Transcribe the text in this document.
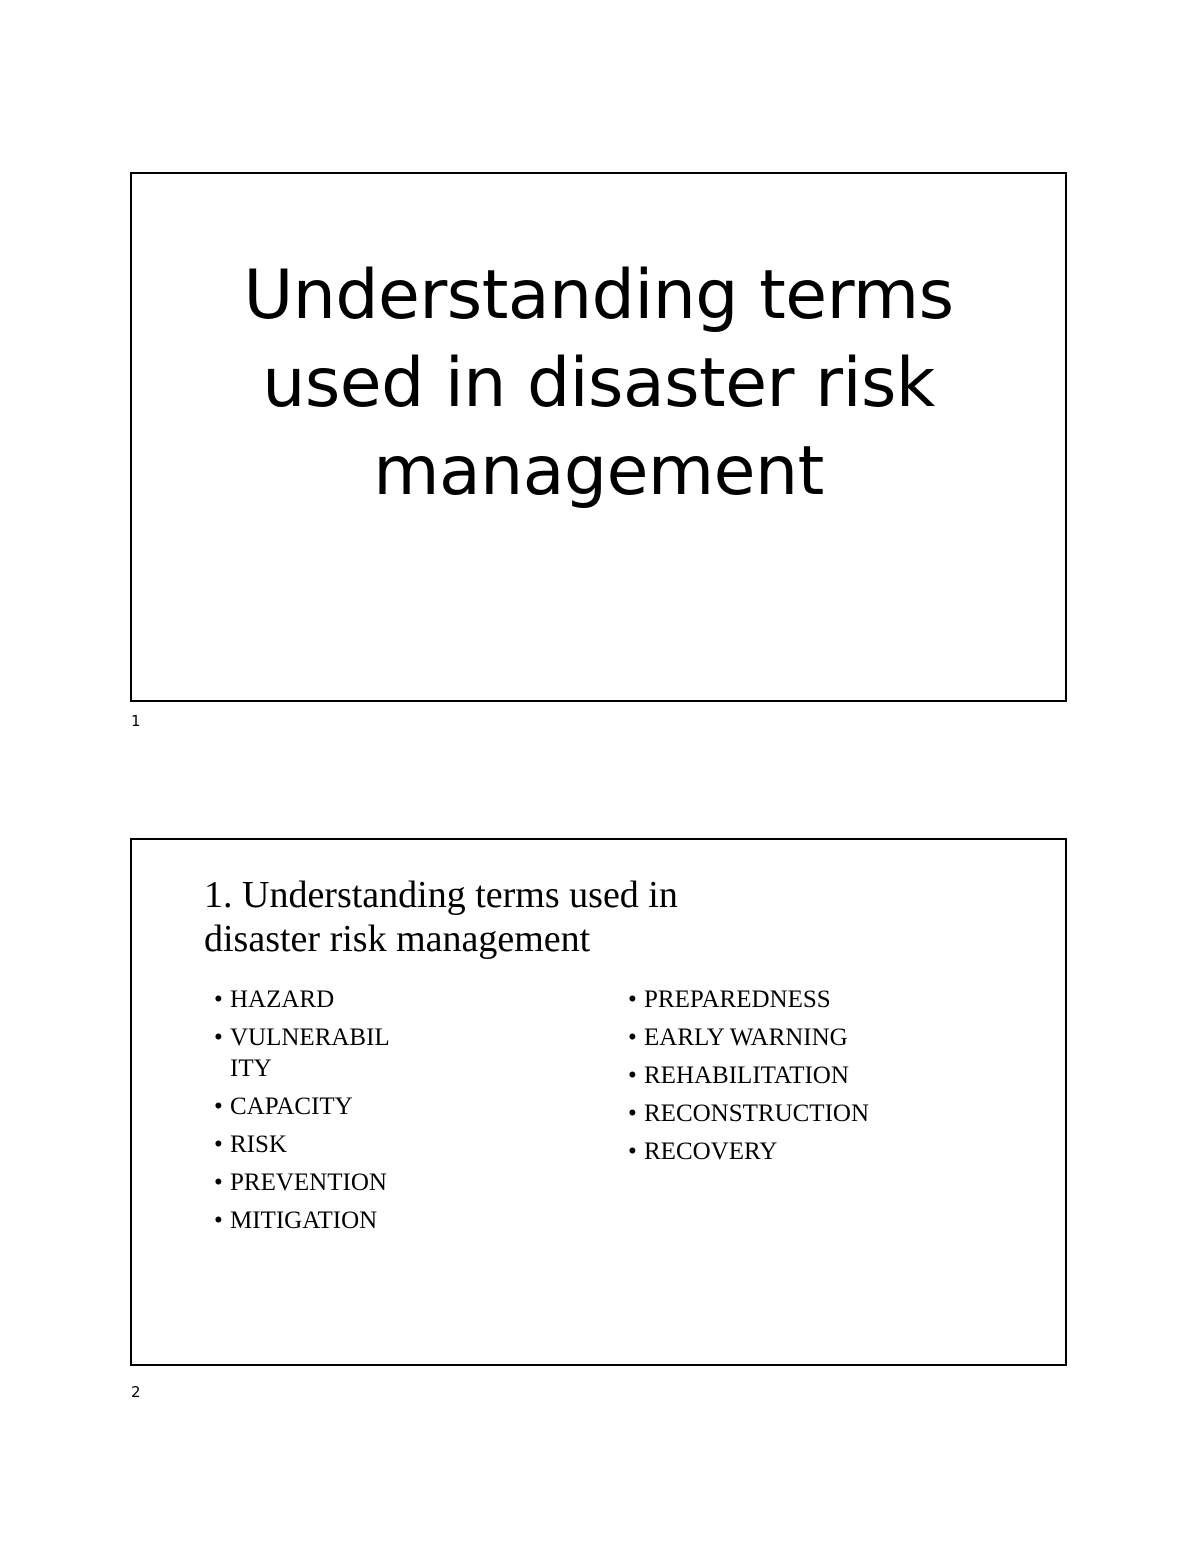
Understanding terms
used in disaster risk
management
1
1. Understanding terms used in
disaster risk management
• HAZARD
• VULNERABIL
ITY
• CAPACITY
• RISK
• PREVENTION
• MITIGATION
• PREPAREDNESS
• EARLY WARNING
• REHABILITATION
• RECONSTRUCTION
• RECOVERY
2
